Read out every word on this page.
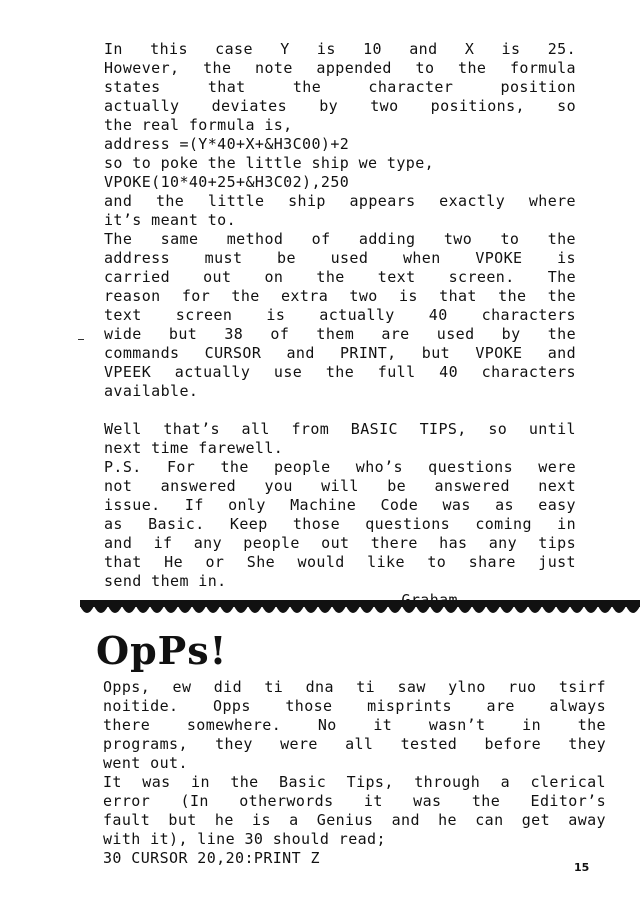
In this case Y is 10 and X is 25.
However, the note appended to the formula
states that the character position
actually deviates by two positions, so
the real formula is,
address =(Y*40+X+&H3C00)+2
so to poke the little ship we type,
VPOKE(10*40+25+&H3C02),250
and the little ship appears exactly where
it’s meant to.
The same method of adding two to the
address must be used when VPOKE is
carried out on the text screen. The
reason for the extra two is that the the
text screen is actually 40 characters
wide but 38 of them are used by the
commands CURSOR and PRINT, but VPOKE and
VPEEK actually use the full 40 characters
available.
Well that’s all from BASIC TIPS, so until
next time farewell.
P.S. For the people who’s questions were
not answered you will be answered next
issue. If only Machine Code was as easy
as Basic. Keep those questions coming in
and if any people out there has any tips
that He or She would like to share just
send them in.
OpPs!
Opps, ew did ti dna ti saw ylno ruo tsirf
noitide. Opps those misprints are always
there somewhere. No it wasn’t in the
programs, they were all tested before they
went out.
It was in the Basic Tips, through a clerical
error (In otherwords it was the Editor’s
fault but he is a Genius and he can get away
with it), line 30 should read;
30 CURSOR 20,20:PRINT Z
15
